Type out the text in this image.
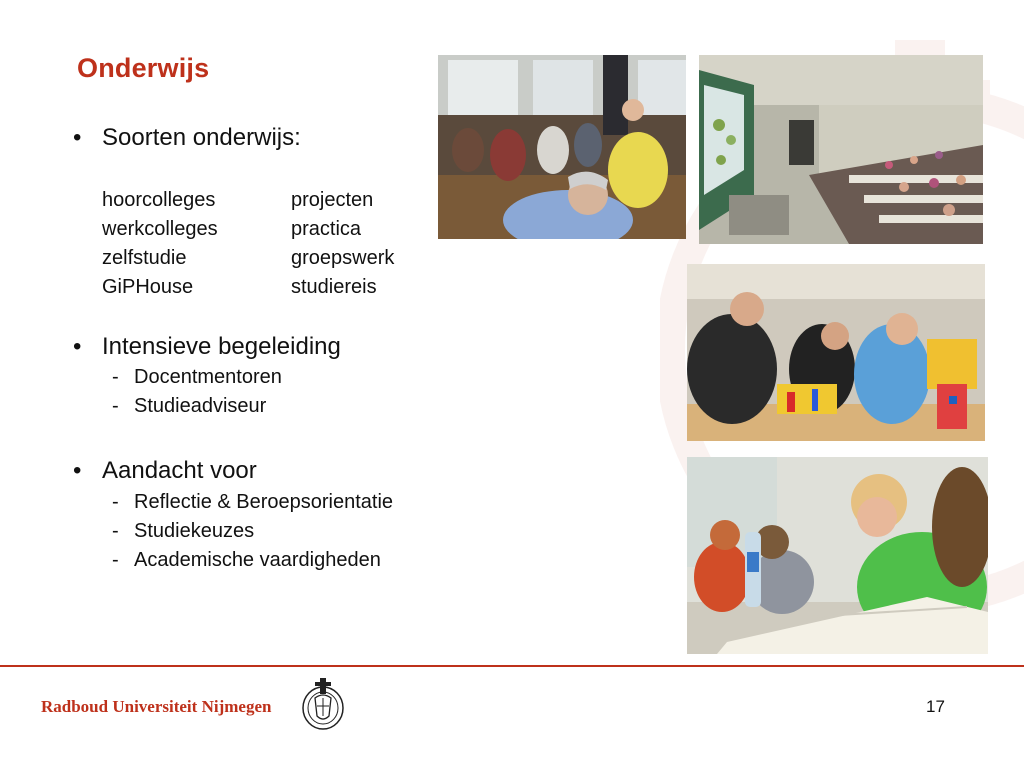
Onderwijs
• Soorten onderwijs:
hoorcolleges	projecten
werkcolleges	practica
zelfstudie	groepswerk
GiPHouse	studiereis
• Intensieve begeleiding
- Docentmentoren
- Studieadviseur
• Aandacht voor
- Reflectie & Beroepsorientatie
- Studiekeuzes
- Academische vaardigheden
Radboud Universiteit Nijmegen	17
